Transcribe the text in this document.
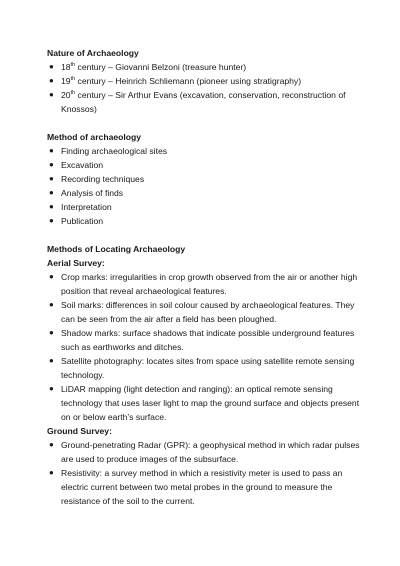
Nature of Archaeology

● 18th century – Giovanni Belzoni (treasure hunter)
● 19th century – Heinrich Schliemann (pioneer using stratigraphy)
● 20th century – Sir Arthur Evans (excavation, conservation, reconstruction of Knossos)

Method of archaeology

● Finding archaeological sites
● Excavation
● Recording techniques
● Analysis of finds
● Interpretation
● Publication

Methods of Locating Archaeology

Aerial Survey:

● Crop marks: irregularities in crop growth observed from the air or another high position that reveal archaeological features.
● Soil marks: differences in soil colour caused by archaeological features. They can be seen from the air after a field has been ploughed.
● Shadow marks: surface shadows that indicate possible underground features such as earthworks and ditches.
● Satellite photography: locates sites from space using satellite remote sensing technology.
● LiDAR mapping (light detection and ranging): an optical remote sensing technology that uses laser light to map the ground surface and objects present on or below earth’s surface.

Ground Survey:

● Ground-penetrating Radar (GPR): a geophysical method in which radar pulses are used to produce images of the subsurface.
● Resistivity: a survey method in which a resistivity meter is used to pass an electric current between two metal probes in the ground to measure the resistance of the soil to the current.
